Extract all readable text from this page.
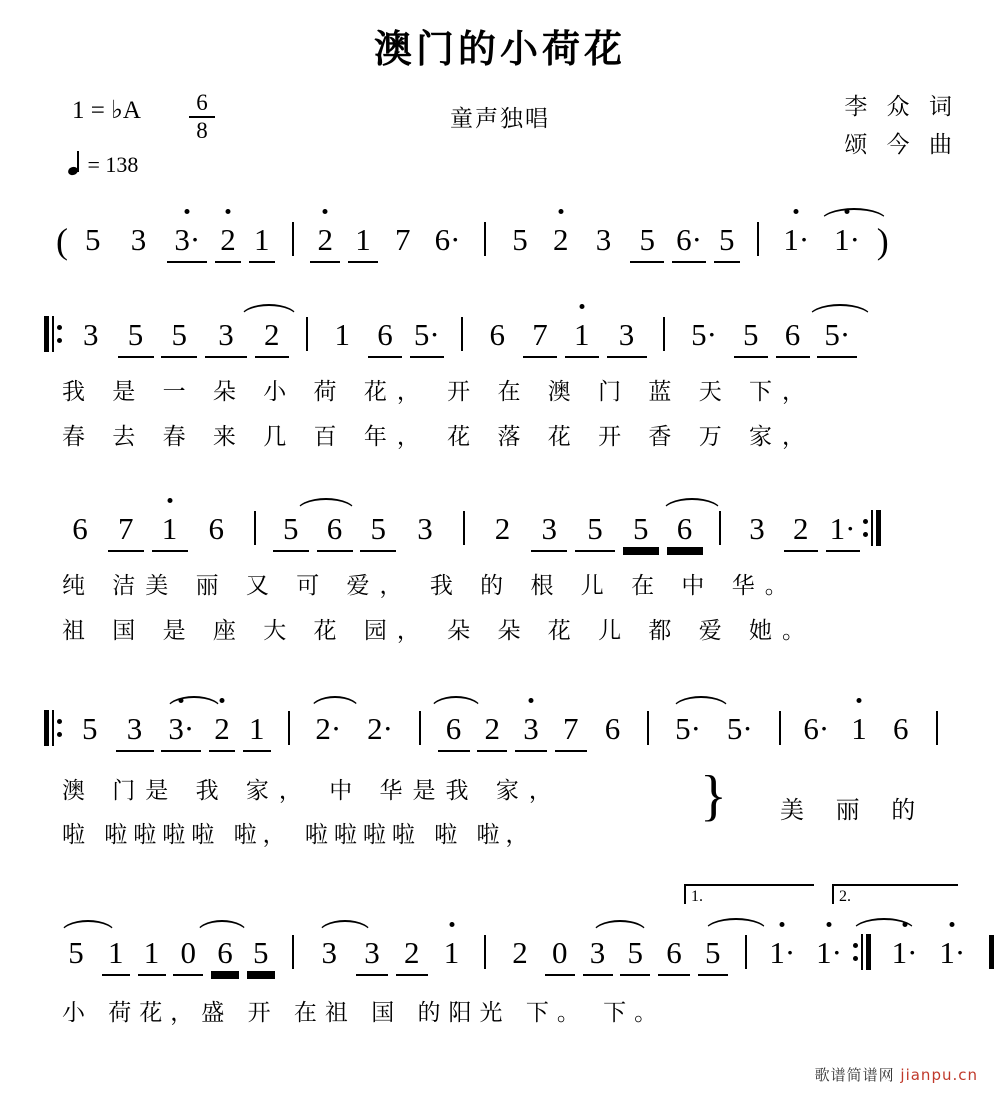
澳门的小荷花
1 = ♭A	6
8	童声独唱	李 众 词
颂 今 曲
= 138
( 5 3 3· 2 1 2 1 7 6· 5 2 3 5 6· 5 1· 1· )
3 5 5 3 2 1 6 5· 6 7 1 3 5· 5 6 5·
我 是 一 朵 小 荷 花， 开 在 澳 门 蓝 天 下，
春 去 春 来 几 百 年， 花 落 花 开 香 万 家，
6 7 1 6 5 6 5 3 2 3 5 5 6 3 2 1·
纯 洁美 丽 又 可 爱， 我 的 根 儿 在 中 华。
祖 国 是 座 大 花 园， 朵 朵 花 儿 都 爱 她。
5 3 3· 2 1 2· 2· 6 2 3 7 6 5· 5· 6· 1 6
澳 门是 我 家， 中 华是我 家，
啦 啦啦啦啦 啦， 啦啦啦啦 啦 啦，
} 美 丽 的
1.	2.
5 1 1 0 6 5 3 3 2 1 2 0 3 5 6 5 1· 1·
1· 1·
小 荷花，盛 开 在祖 国 的阳光 下。 下。
歌谱简谱网 jianpu.cn
